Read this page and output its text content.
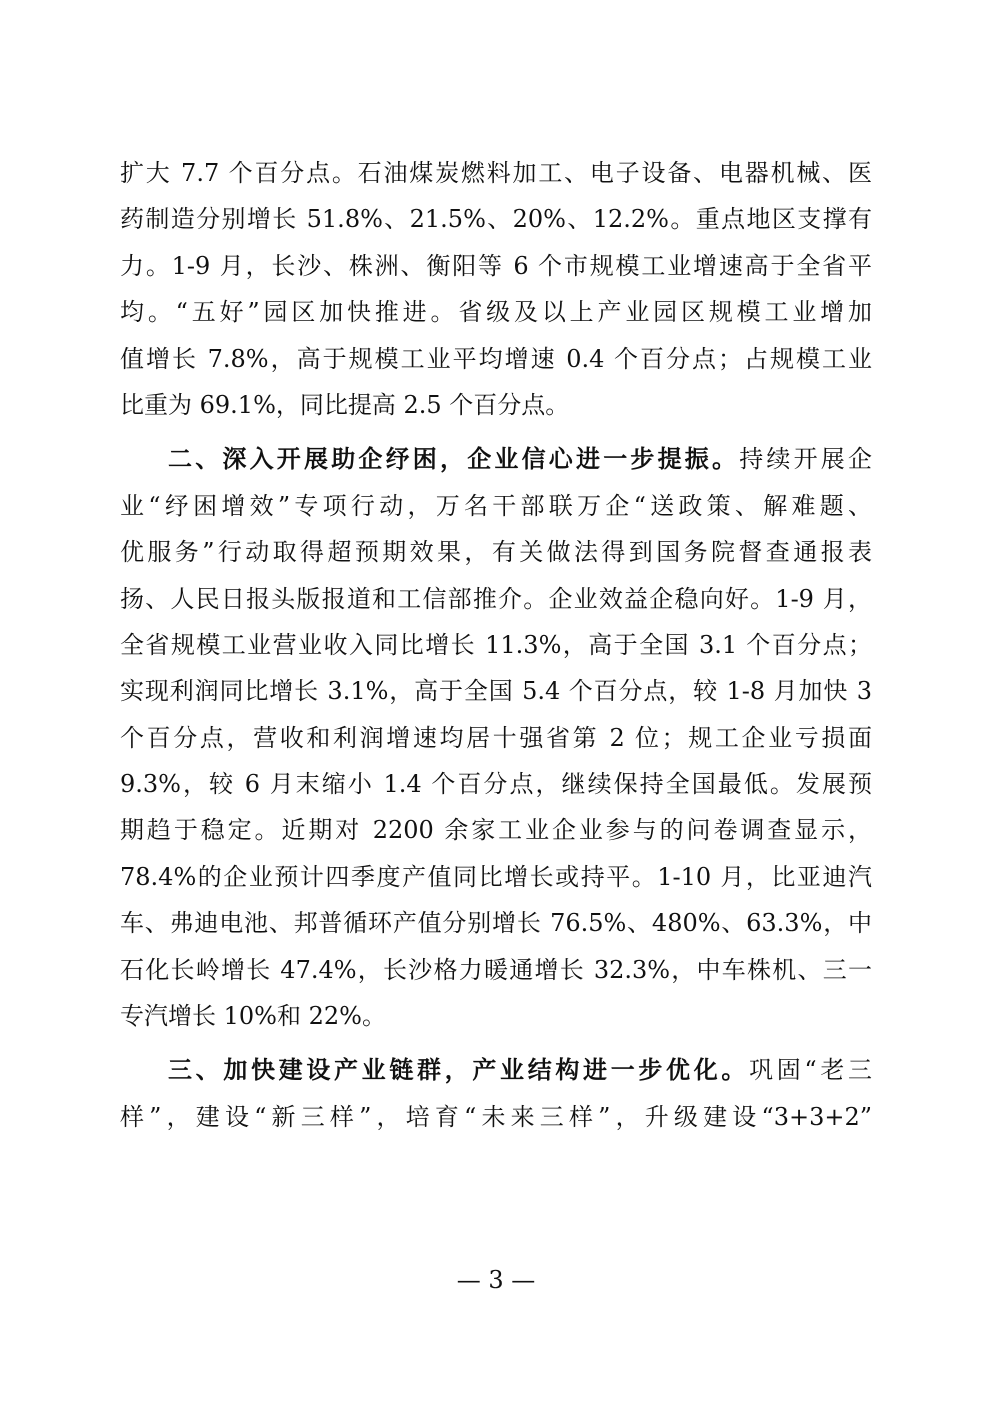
扩大 7.7 个百分点。石油煤炭燃料加工、电子设备、电器机械、医
药制造分别增长 51.8%、21.5%、20%、12.2%。重点地区支撑有
力。1-9 月，长沙、株洲、衡阳等 6 个市规模工业增速高于全省平
均。“五好”园区加快推进。省级及以上产业园区规模工业增加
值增长 7.8%，高于规模工业平均增速 0.4 个百分点；占规模工业
比重为 69.1%，同比提高 2.5 个百分点。
二、深入开展助企纾困，企业信心进一步提振。持续开展企
业“纾困增效”专项行动，万名干部联万企“送政策、解难题、
优服务”行动取得超预期效果，有关做法得到国务院督查通报表
扬、人民日报头版报道和工信部推介。企业效益企稳向好。1-9 月，
全省规模工业营业收入同比增长 11.3%，高于全国 3.1 个百分点；
实现利润同比增长 3.1%，高于全国 5.4 个百分点，较 1-8 月加快 3
个百分点，营收和利润增速均居十强省第 2 位；规工企业亏损面
9.3%，较 6 月末缩小 1.4 个百分点，继续保持全国最低。发展预
期趋于稳定。近期对 2200 余家工业企业参与的问卷调查显示，
78.4%的企业预计四季度产值同比增长或持平。1-10 月，比亚迪汽
车、弗迪电池、邦普循环产值分别增长 76.5%、480%、63.3%，中
石化长岭增长 47.4%，长沙格力暖通增长 32.3%，中车株机、三一
专汽增长 10%和 22%。
三、加快建设产业链群，产业结构进一步优化。巩固“老三
样”，建设“新三样”，培育“未来三样”，升级建设“3+3+2”
— 3 —
